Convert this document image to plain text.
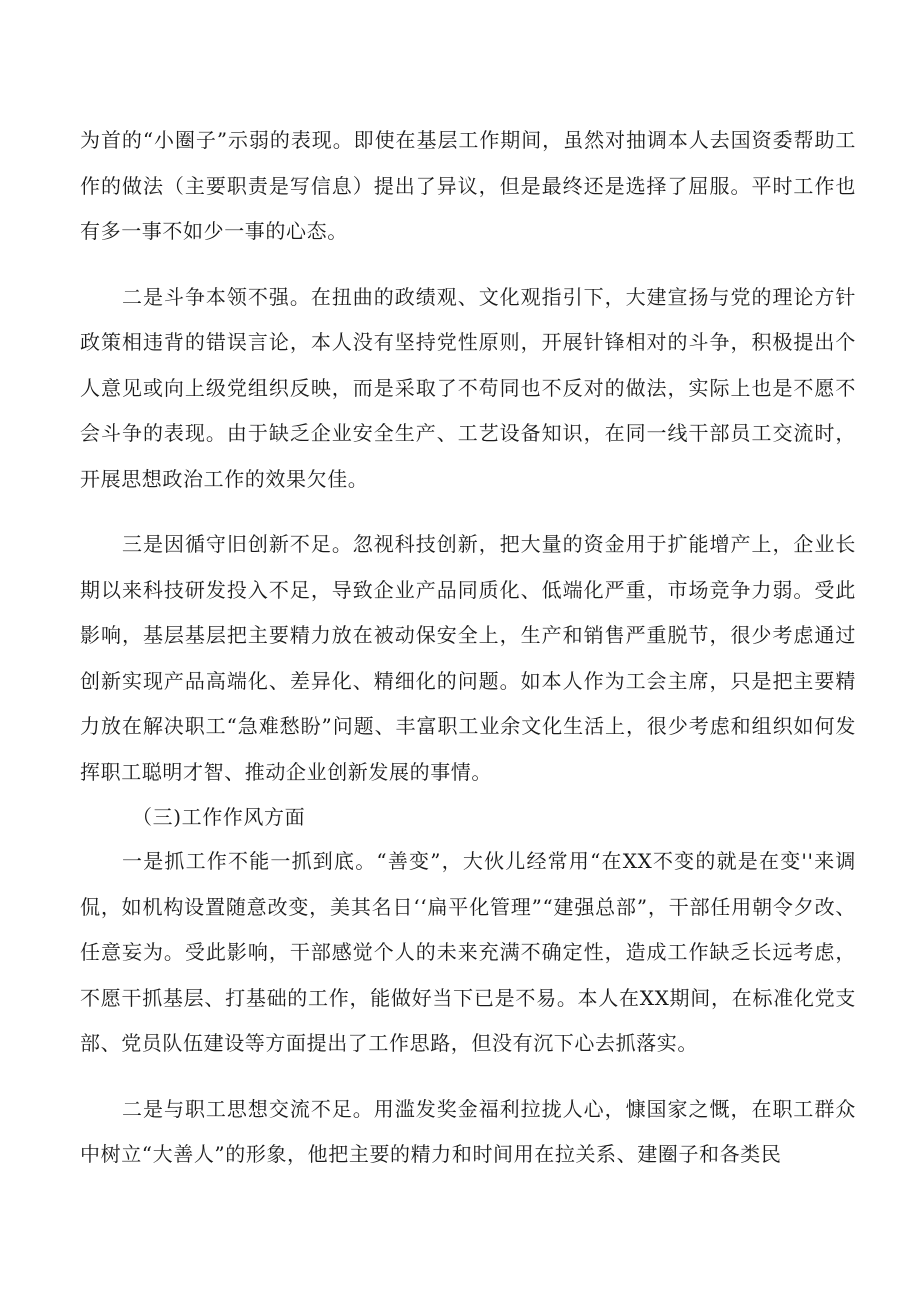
为首的“小圈子”示弱的表现。即使在基层工作期间，虽然对抽调本人去国资委帮助工作的做法（主要职责是写信息）提出了异议，但是最终还是选择了屈服。平时工作也有多一事不如少一事的心态。

二是斗争本领不强。在扭曲的政绩观、文化观指引下，大建宣扬与党的理论方针政策相违背的错误言论，本人没有坚持党性原则，开展针锋相对的斗争，积极提出个人意见或向上级党组织反映，而是采取了不苟同也不反对的做法，实际上也是不愿不会斗争的表现。由于缺乏企业安全生产、工艺设备知识，在同一线干部员工交流时，开展思想政治工作的效果欠佳。

三是因循守旧创新不足。忽视科技创新，把大量的资金用于扩能增产上，企业长期以来科技研发投入不足，导致企业产品同质化、低端化严重，市场竞争力弱。受此影响，基层基层把主要精力放在被动保安全上，生产和销售严重脱节，很少考虑通过创新实现产品高端化、差异化、精细化的问题。如本人作为工会主席，只是把主要精力放在解决职工“急难愁盼”问题、丰富职工业余文化生活上，很少考虑和组织如何发挥职工聪明才智、推动企业创新发展的事情。

（三)工作作风方面

一是抓工作不能一抓到底。“善变”，大伙儿经常用“在XX不变的就是在变''来调侃，如机构设置随意改变，美其名日‘‘扁平化管理”“建强总部”，干部任用朝令夕改、任意妄为。受此影响，干部感觉个人的未来充满不确定性，造成工作缺乏长远考虑，不愿干抓基层、打基础的工作，能做好当下已是不易。本人在XX期间，在标准化党支部、党员队伍建设等方面提出了工作思路，但没有沉下心去抓落实。

二是与职工思想交流不足。用滥发奖金福利拉拢人心，慷国家之慨，在职工群众中树立“大善人”的形象，他把主要的精力和时间用在拉关系、建圈子和各类民
